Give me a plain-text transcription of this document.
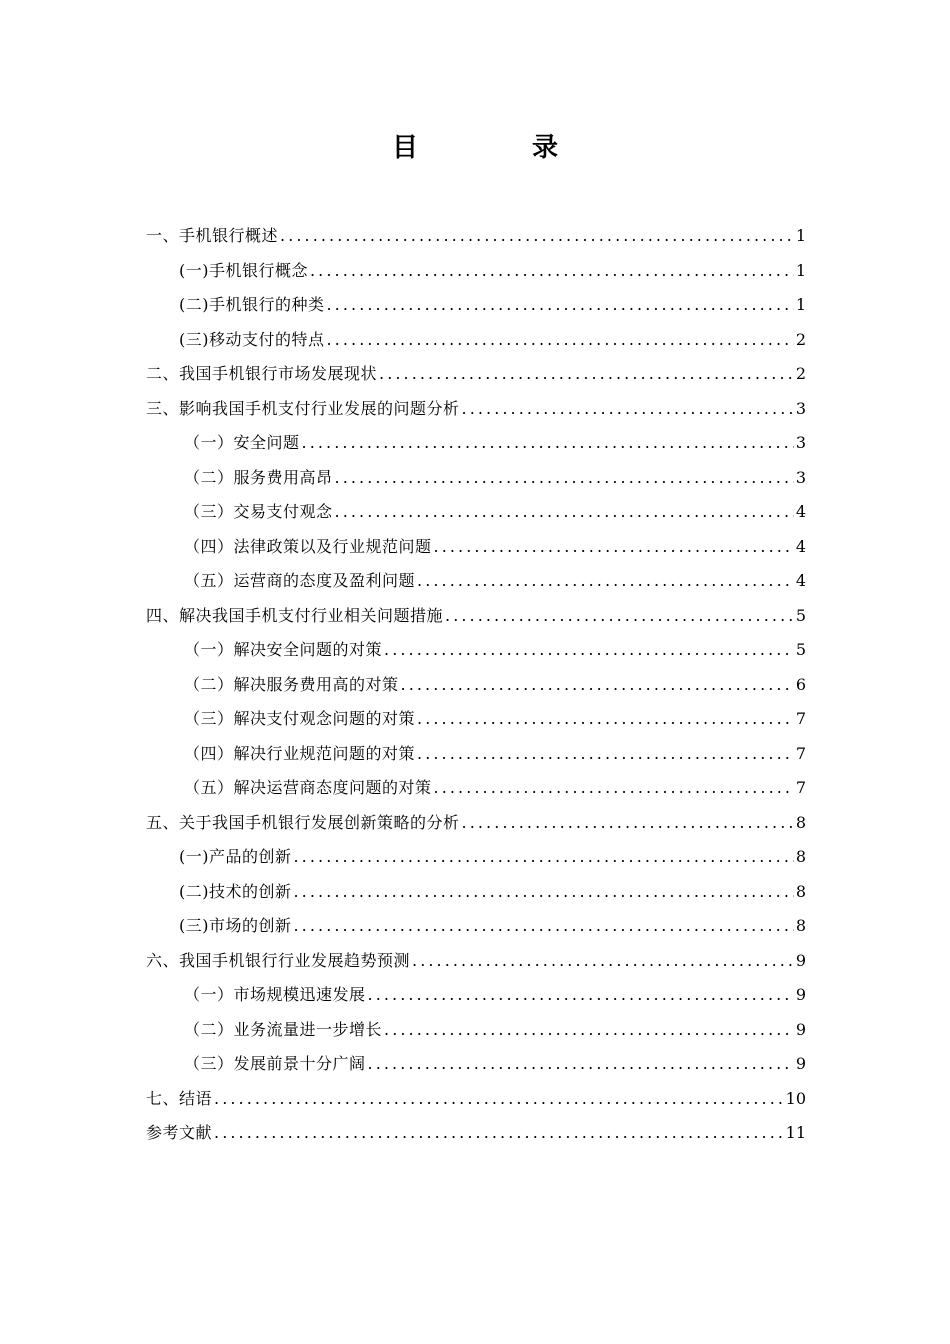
目　录
一、手机银行概述 . . .	1
(一)手机银行概念 . . .	1
(二)手机银行的种类 . . .	1
(三)移动支付的特点 . . .	2
二、我国手机银行市场发展现状 . . .	2
三、影响我国手机支付行业发展的问题分析 . . .	3
（一）安全问题 . . .	3
（二）服务费用高昂 . . .	3
（三）交易支付观念 . . .	4
（四）法律政策以及行业规范问题 . . .	4
（五）运营商的态度及盈利问题 . . .	4
四、解决我国手机支付行业相关问题措施 . . .	5
（一）解决安全问题的对策 . . .	5
（二）解决服务费用高的对策 . . .	6
（三）解决支付观念问题的对策 . . .	7
（四）解决行业规范问题的对策 . . .	7
（五）解决运营商态度问题的对策 . . .	7
五、关于我国手机银行发展创新策略的分析 . . .	8
(一)产品的创新 . . .	8
(二)技术的创新 . . .	8
(三)市场的创新 . . .	8
六、我国手机银行行业发展趋势预测 . . .	9
（一）市场规模迅速发展 . . .	9
（二）业务流量进一步增长 . . .	9
（三）发展前景十分广阔 . . .	9
七、结语 . . .	10
参考文献 . . .	11
